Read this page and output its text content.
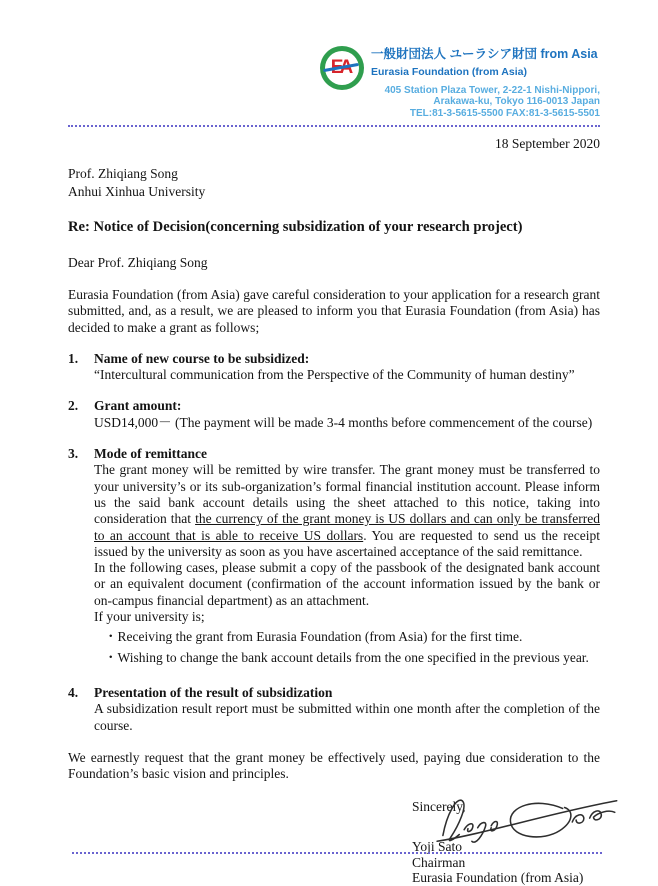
一般財団法人 ユーラシア財団 from Asia
Eurasia Foundation (from Asia)
405 Station Plaza Tower, 2-22-1 Nishi-Nippori,
Arakawa-ku, Tokyo 116-0013 Japan
TEL:81-3-5615-5500 FAX:81-3-5615-5501
18 September 2020
Prof. Zhiqiang Song
Anhui Xinhua University
Re: Notice of Decision(concerning subsidization of your research project)
Dear Prof. Zhiqiang Song
Eurasia Foundation (from Asia) gave careful consideration to your application for a research grant submitted, and, as a result, we are pleased to inform you that Eurasia Foundation (from Asia) has decided to make a grant as follows;
1.	Name of new course to be subsidized:
“Intercultural communication from the Perspective of the Community of human destiny”
2.	Grant amount:
USD14,000－ (The payment will be made 3-4 months before commencement of the course)
3.	Mode of remittance
The grant money will be remitted by wire transfer. The grant money must be transferred to your university’s or its sub-organization’s formal financial institution account. Please inform us the said bank account details using the sheet attached to this notice, taking into consideration that the currency of the grant money is US dollars and can only be transferred to an account that is able to receive US dollars. You are requested to send us the receipt issued by the university as soon as you have ascertained acceptance of the said remittance.
In the following cases, please submit a copy of the passbook of the designated bank account or an equivalent document (confirmation of the account information issued by the bank or on-campus financial department) as an attachment.
If your university is;
・Receiving the grant from Eurasia Foundation (from Asia) for the first time.
・Wishing to change the bank account details from the one specified in the previous year.
4.	Presentation of the result of subsidization
A subsidization result report must be submitted within one month after the completion of the course.
We earnestly request that the grant money be effectively used, paying due consideration to the Foundation’s basic vision and principles.
Sincerely,
Yoji Sato
Chairman
Eurasia Foundation (from Asia)
